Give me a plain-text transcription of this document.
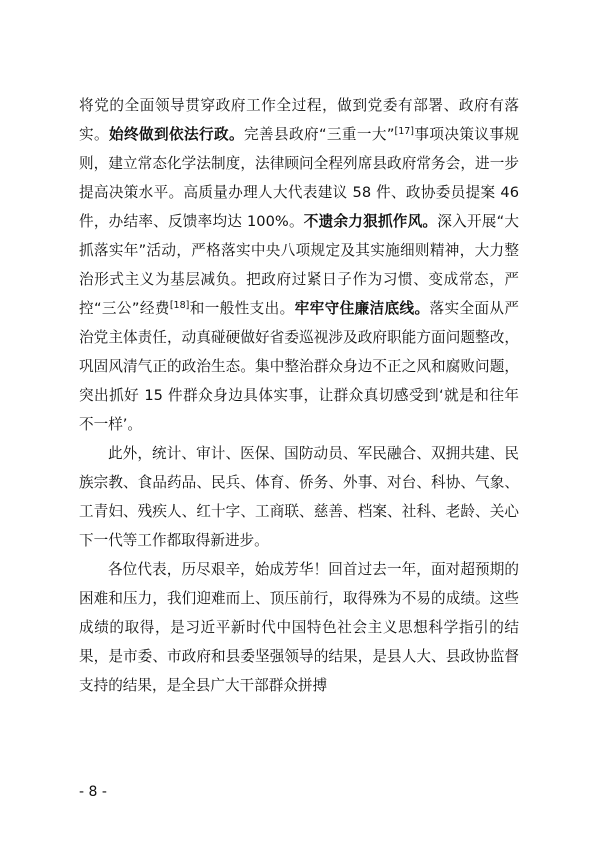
将党的全面领导贯穿政府工作全过程，做到党委有部署、政府有落实。始终做到依法行政。完善县政府“三重一大”[17]事项决策议事规则，建立常态化学法制度，法律顾问全程列席县政府常务会，进一步提高决策水平。高质量办理人大代表建议 58 件、政协委员提案 46 件，办结率、反馈率均达 100%。不遗余力狠抓作风。深入开展“大抓落实年”活动，严格落实中央八项规定及其实施细则精神，大力整治形式主义为基层减负。把政府过紧日子作为习惯、变成常态，严控“三公”经费[18]和一般性支出。牢牢守住廉洁底线。落实全面从严治党主体责任，动真碰硬做好省委巡视涉及政府职能方面问题整改，巩固风清气正的政治生态。集中整治群众身边不正之风和腐败问题，突出抓好 15 件群众身边具体实事，让群众真切感受到‘就是和往年不一样’。

此外，统计、审计、医保、国防动员、军民融合、双拥共建、民族宗教、食品药品、民兵、体育、侨务、外事、对台、科协、气象、工青妇、残疾人、红十字、工商联、慈善、档案、社科、老龄、关心下一代等工作都取得新进步。

各位代表，历尽艰辛，始成芳华！回首过去一年，面对超预期的困难和压力，我们迎难而上、顶压前行，取得殊为不易的成绩。这些成绩的取得，是习近平新时代中国特色社会主义思想科学指引的结果，是市委、市政府和县委坚强领导的结果，是县人大、县政协监督支持的结果，是全县广大干部群众拼搏

- 8 -
